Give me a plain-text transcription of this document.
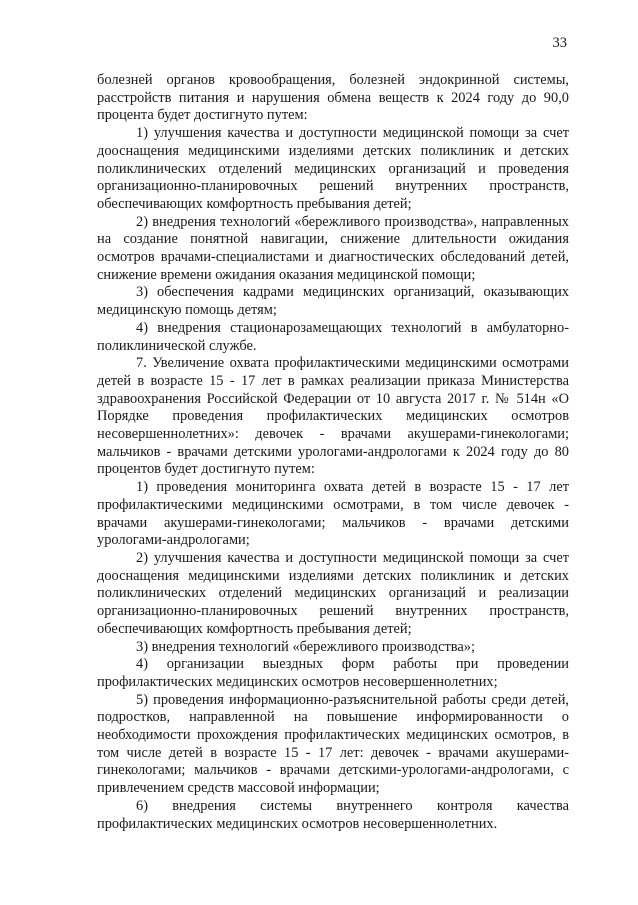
33

болезней органов кровообращения, болезней эндокринной системы, расстройств питания и нарушения обмена веществ к 2024 году до 90,0 процента будет достигнуто путем:

1) улучшения качества и доступности медицинской помощи за счет дооснащения медицинскими изделиями детских поликлиник и детских поликлинических отделений медицинских организаций и проведения организационно-планировочных решений внутренних пространств, обеспечивающих комфортность пребывания детей;

2) внедрения технологий «бережливого производства», направленных на создание понятной навигации, снижение длительности ожидания осмотров врачами-специалистами и диагностических обследований детей, снижение времени ожидания оказания медицинской помощи;

3) обеспечения кадрами медицинских организаций, оказывающих медицинскую помощь детям;

4) внедрения стационарозамещающих технологий в амбулаторно-поликлинической службе.

7. Увеличение охвата профилактическими медицинскими осмотрами детей в возрасте 15 - 17 лет в рамках реализации приказа Министерства здравоохранения Российской Федерации от 10 августа 2017 г. № 514н «О Порядке проведения профилактических медицинских осмотров несовершеннолетних»: девочек - врачами акушерами-гинекологами; мальчиков - врачами детскими урологами-андрологами к 2024 году до 80 процентов будет достигнуто путем:

1) проведения мониторинга охвата детей в возрасте 15 - 17 лет профилактическими медицинскими осмотрами, в том числе девочек - врачами акушерами-гинекологами; мальчиков - врачами детскими урологами-андрологами;

2) улучшения качества и доступности медицинской помощи за счет дооснащения медицинскими изделиями детских поликлиник и детских поликлинических отделений медицинских организаций и реализации организационно-планировочных решений внутренних пространств, обеспечивающих комфортность пребывания детей;

3) внедрения технологий «бережливого производства»;

4) организации выездных форм работы при проведении профилактических медицинских осмотров несовершеннолетних;

5) проведения информационно-разъяснительной работы среди детей, подростков, направленной на повышение информированности о необходимости прохождения профилактических медицинских осмотров, в том числе детей в возрасте 15 - 17 лет: девочек - врачами акушерами-гинекологами; мальчиков - врачами детскими-урологами-андрологами, с привлечением средств массовой информации;

6) внедрения системы внутреннего контроля качества профилактических медицинских осмотров несовершеннолетних.
